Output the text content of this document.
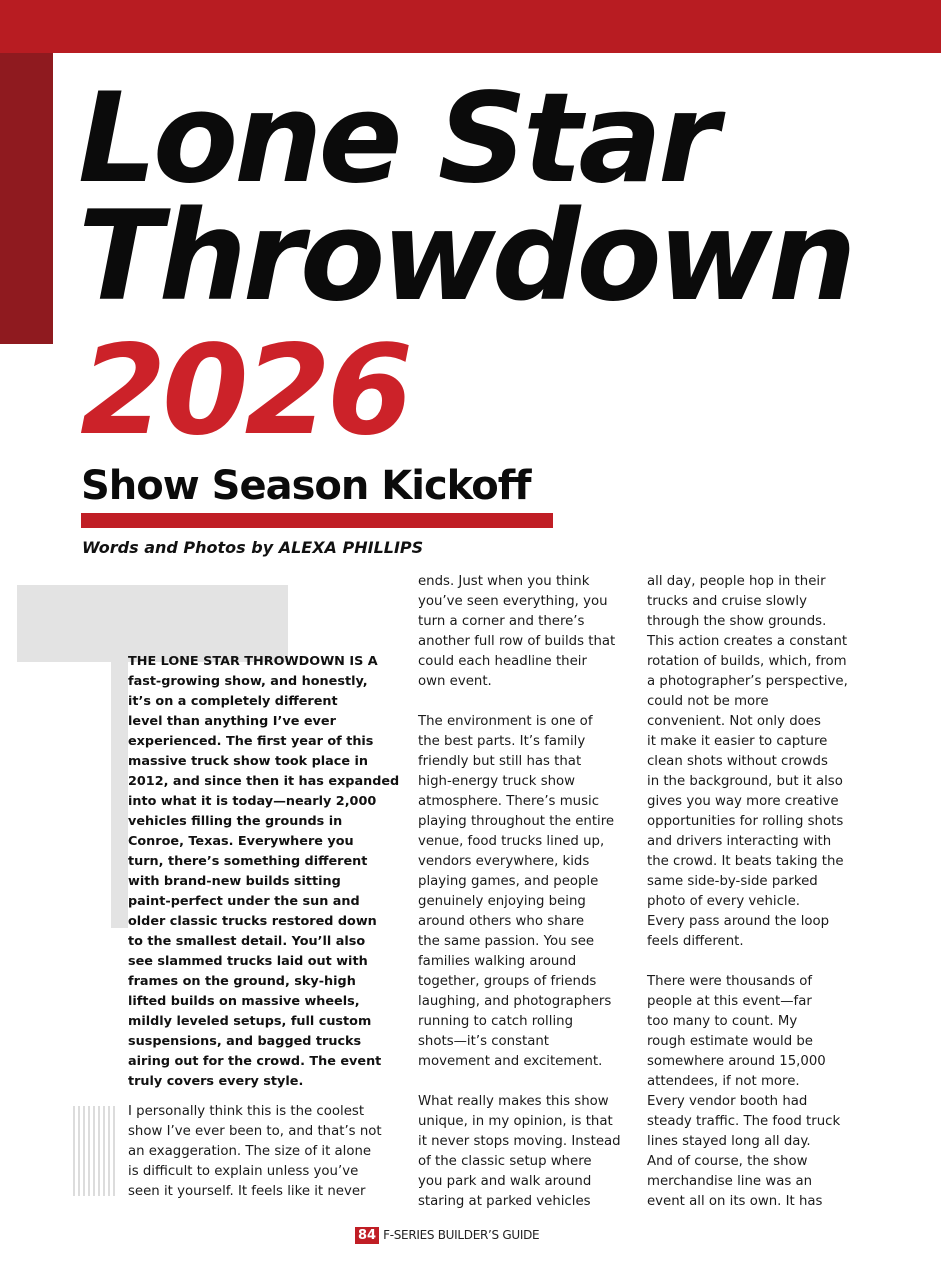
Lone Star
Throwdown
2026
Show Season Kickoff
Words and Photos by ALEXA PHILLIPS
THE LONE STAR THROWDOWN IS A
fast-growing show, and honestly,
it’s on a completely different
level than anything I’ve ever
experienced. The first year of this
massive truck show took place in
2012, and since then it has expanded
into what it is today—nearly 2,000
vehicles filling the grounds in
Conroe, Texas. Everywhere you
turn, there’s something different
with brand-new builds sitting
paint-perfect under the sun and
older classic trucks restored down
to the smallest detail. You’ll also
see slammed trucks laid out with
frames on the ground, sky-high
lifted builds on massive wheels,
mildly leveled setups, full custom
suspensions, and bagged trucks
airing out for the crowd. The event
truly covers every style.
I personally think this is the coolest
show I’ve ever been to, and that’s not
an exaggeration. The size of it alone
is difficult to explain unless you’ve
seen it yourself. It feels like it never

ends. Just when you think
you’ve seen everything, you
turn a corner and there’s
another full row of builds that
could each headline their
own event.

The environment is one of
the best parts. It’s family
friendly but still has that
high-energy truck show
atmosphere. There’s music
playing throughout the entire
venue, food trucks lined up,
vendors everywhere, kids
playing games, and people
genuinely enjoying being
around others who share
the same passion. You see
families walking around
together, groups of friends
laughing, and photographers
running to catch rolling
shots—it’s constant
movement and excitement.

What really makes this show
unique, in my opinion, is that
it never stops moving. Instead
of the classic setup where
you park and walk around
staring at parked vehicles

all day, people hop in their
trucks and cruise slowly
through the show grounds.
This action creates a constant
rotation of builds, which, from
a photographer’s perspective,
could not be more
convenient. Not only does
it make it easier to capture
clean shots without crowds
in the background, but it also
gives you way more creative
opportunities for rolling shots
and drivers interacting with
the crowd. It beats taking the
same side-by-side parked
photo of every vehicle.
Every pass around the loop
feels different.

There were thousands of
people at this event—far
too many to count. My
rough estimate would be
somewhere around 15,000
attendees, if not more.
Every vendor booth had
steady traffic. The food truck
lines stayed long all day.
And of course, the show
merchandise line was an
event all on its own. It has

84 F-SERIES BUILDER’S GUIDE
